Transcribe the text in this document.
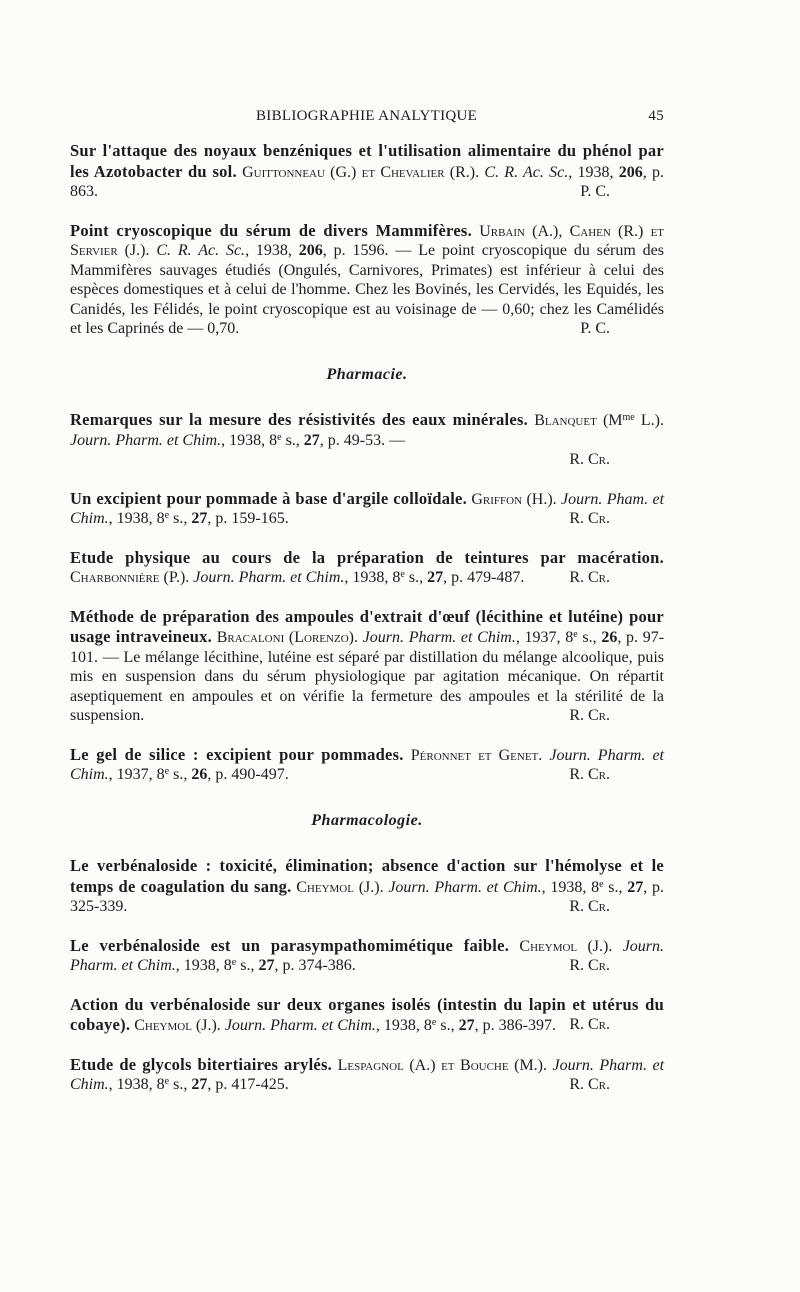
BIBLIOGRAPHIE ANALYTIQUE	45

Sur l'attaque des noyaux benzéniques et l'utilisation alimentaire du phénol par les Azotobacter du sol. Guittonneau (G.) et Chevalier (R.). C. R. Ac. Sc., 1938, 206, p. 863.	P. C.

Point cryoscopique du sérum de divers Mammifères. Urbain (A.), Cahen (R.) et Servier (J.). C. R. Ac. Sc., 1938, 206, p. 1596. — Le point cryoscopique du sérum des Mammifères sauvages étudiés (Ongulés, Carnivores, Primates) est inférieur à celui des espèces domestiques et à celui de l'homme. Chez les Bovinés, les Cervidés, les Equidés, les Canidés, les Félidés, le point cryoscopique est au voisinage de — 0,60; chez les Camélidés et les Caprinés de — 0,70.	P. C.

Pharmacie.

Remarques sur la mesure des résistivités des eaux minérales. Blanquet ($M^{me}$ L.). Journ. Pharm. et Chim., 1938, 8e s., 27, p. 49-53. —

R. Cr.

Un excipient pour pommade à base d'argile colloïdale. Griffon (H.). Journ. Pham. et Chim., 1938, 8e s., 27, p. 159-165.	R. Cr.

Etude physique au cours de la préparation de teintures par macération. Charbonnière (P.). Journ. Pharm. et Chim., 1938, 8e s., 27, p. 479-487.	R. Cr.

Méthode de préparation des ampoules d'extrait d'œuf (lécithine et lutéine) pour usage intraveineux. Bracaloni (Lorenzo). Journ. Pharm. et Chim., 1937, 8e s., 26, p. 97-101. — Le mélange lécithine, lutéine est séparé par distillation du mélange alcoolique, puis mis en suspension dans du sérum physiologique par agitation mécanique. On répartit aseptiquement en ampoules et on vérifie la fermeture des ampoules et la stérilité de la suspension.	R. Cr.

Le gel de silice : excipient pour pommades. Péronnet et Genet. Journ. Pharm. et Chim., 1937, 8e s., 26, p. 490-497.	R. Cr.

Pharmacologie.

Le verbénaloside : toxicité, élimination; absence d'action sur l'hémolyse et le temps de coagulation du sang. Cheymol (J.). Journ. Pharm. et Chim., 1938, 8e s., 27, p. 325-339.	R. Cr.

Le verbénaloside est un parasympathomimétique faible. Cheymol (J.). Journ. Pharm. et Chim., 1938, 8e s., 27, p. 374-386.	R. Cr.

Action du verbénaloside sur deux organes isolés (intestin du lapin et utérus du cobaye). Cheymol (J.). Journ. Pharm. et Chim., 1938, 8e s., 27, p. 386-397. R. Cr.

Etude de glycols bitertiaires arylés. Lespagnol (A.) et Bouche (M.). Journ. Pharm. et Chim., 1938, 8e s., 27, p. 417-425.	R. Cr.
